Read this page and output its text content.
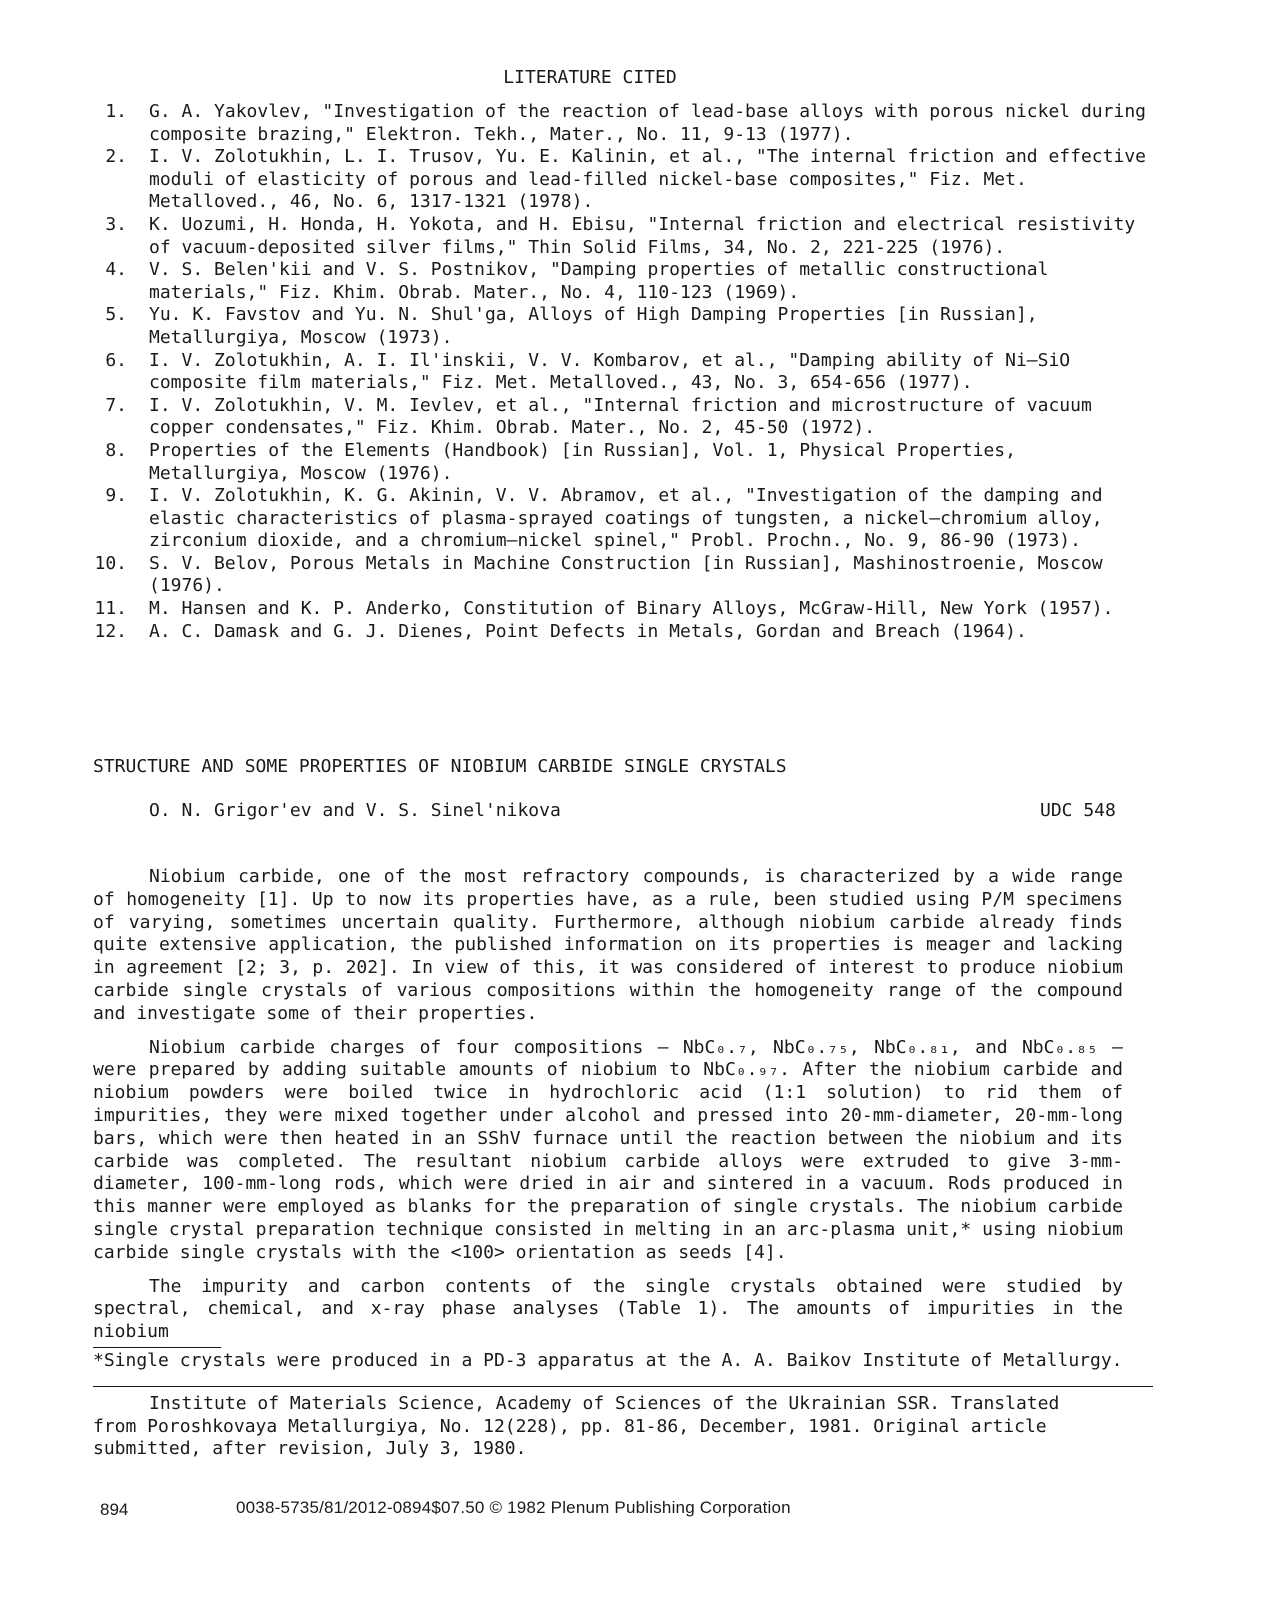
LITERATURE CITED
1. G. A. Yakovlev, "Investigation of the reaction of lead-base alloys with porous nickel during composite brazing," Elektron. Tekh., Mater., No. 11, 9-13 (1977).
2. I. V. Zolotukhin, L. I. Trusov, Yu. E. Kalinin, et al., "The internal friction and effective moduli of elasticity of porous and lead-filled nickel-base composites," Fiz. Met. Metalloved., 46, No. 6, 1317-1321 (1978).
3. K. Uozumi, H. Honda, H. Yokota, and H. Ebisu, "Internal friction and electrical resistivity of vacuum-deposited silver films," Thin Solid Films, 34, No. 2, 221-225 (1976).
4. V. S. Belen'kii and V. S. Postnikov, "Damping properties of metallic constructional materials," Fiz. Khim. Obrab. Mater., No. 4, 110-123 (1969).
5. Yu. K. Favstov and Yu. N. Shul'ga, Alloys of High Damping Properties [in Russian], Metallurgiya, Moscow (1973).
6. I. V. Zolotukhin, A. I. Il'inskii, V. V. Kombarov, et al., "Damping ability of Ni—SiO composite film materials," Fiz. Met. Metalloved., 43, No. 3, 654-656 (1977).
7. I. V. Zolotukhin, V. M. Ievlev, et al., "Internal friction and microstructure of vacuum copper condensates," Fiz. Khim. Obrab. Mater., No. 2, 45-50 (1972).
8. Properties of the Elements (Handbook) [in Russian], Vol. 1, Physical Properties, Metallurgiya, Moscow (1976).
9. I. V. Zolotukhin, K. G. Akinin, V. V. Abramov, et al., "Investigation of the damping and elastic characteristics of plasma-sprayed coatings of tungsten, a nickel—chromium alloy, zirconium dioxide, and a chromium—nickel spinel," Probl. Prochn., No. 9, 86-90 (1973).
10. S. V. Belov, Porous Metals in Machine Construction [in Russian], Mashinostroenie, Moscow (1976).
11. M. Hansen and K. P. Anderko, Constitution of Binary Alloys, McGraw-Hill, New York (1957).
12. A. C. Damask and G. J. Dienes, Point Defects in Metals, Gordan and Breach (1964).
STRUCTURE AND SOME PROPERTIES OF NIOBIUM CARBIDE SINGLE CRYSTALS
O. N. Grigor'ev and V. S. Sinel'nikova	UDC 548

Niobium carbide, one of the most refractory compounds, is characterized by a wide range of homogeneity [1]. Up to now its properties have, as a rule, been studied using P/M specimens of varying, sometimes uncertain quality. Furthermore, although niobium carbide already finds quite extensive application, the published information on its properties is meager and lacking in agreement [2; 3, p. 202]. In view of this, it was considered of interest to produce niobium carbide single crystals of various compositions within the homogeneity range of the compound and investigate some of their properties.

Niobium carbide charges of four compositions — NbC₀.₇, NbC₀.₇₅, NbC₀.₈₁, and NbC₀.₈₅ — were prepared by adding suitable amounts of niobium to NbC₀.₉₇. After the niobium carbide and niobium powders were boiled twice in hydrochloric acid (1:1 solution) to rid them of impurities, they were mixed together under alcohol and pressed into 20-mm-diameter, 20-mm-long bars, which were then heated in an SShV furnace until the reaction between the niobium and its carbide was completed. The resultant niobium carbide alloys were extruded to give 3-mm-diameter, 100-mm-long rods, which were dried in air and sintered in a vacuum. Rods produced in this manner were employed as blanks for the preparation of single crystals. The niobium carbide single crystal preparation technique consisted in melting in an arc-plasma unit,* using niobium carbide single crystals with the <100> orientation as seeds [4].

The impurity and carbon contents of the single crystals obtained were studied by spectral, chemical, and x-ray phase analyses (Table 1). The amounts of impurities in the niobium

*Single crystals were produced in a PD-3 apparatus at the A. A. Baikov Institute of Metallurgy.

Institute of Materials Science, Academy of Sciences of the Ukrainian SSR. Translated from Poroshkovaya Metallurgiya, No. 12(228), pp. 81-86, December, 1981. Original article submitted, after revision, July 3, 1980.

894	0038-5735/81/2012-0894$07.50 © 1982 Plenum Publishing Corporation
